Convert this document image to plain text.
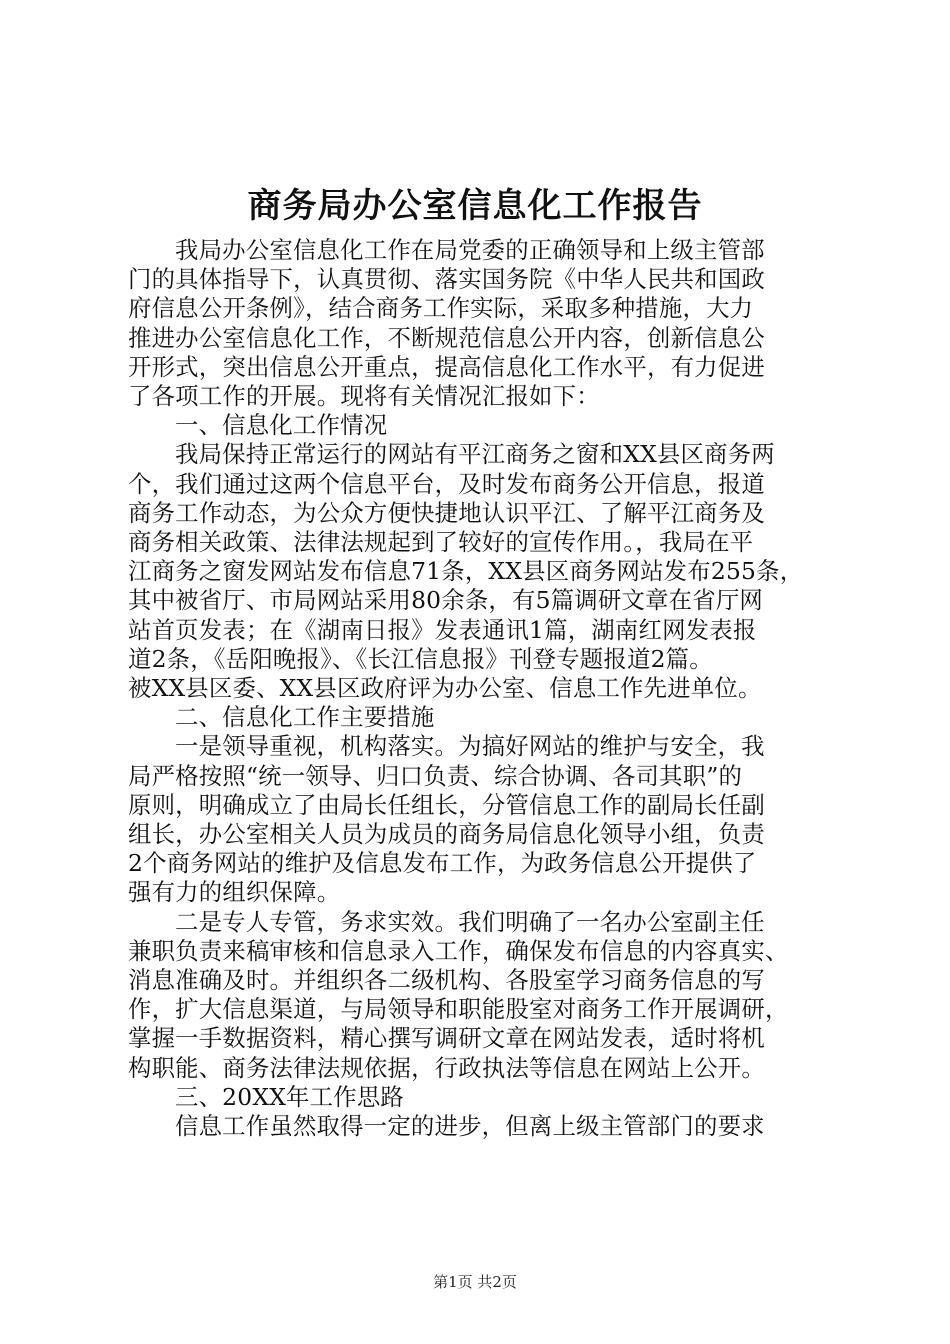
商务局办公室信息化工作报告
我局办公室信息化工作在局党委的正确领导和上级主管部
门的具体指导下，认真贯彻、落实国务院《中华人民共和国政
府信息公开条例》，结合商务工作实际，采取多种措施，大力
推进办公室信息化工作，不断规范信息公开内容，创新信息公
开形式，突出信息公开重点，提高信息化工作水平，有力促进
了各项工作的开展。现将有关情况汇报如下：
一、信息化工作情况
我局保持正常运行的网站有平江商务之窗和XX县区商务两
个，我们通过这两个信息平台，及时发布商务公开信息，报道
商务工作动态，为公众方便快捷地认识平江、了解平江商务及
商务相关政策、法律法规起到了较好的宣传作用。，我局在平
江商务之窗发网站发布信息71条，XX县区商务网站发布255条，
其中被省厅、市局网站采用80余条，有5篇调研文章在省厅网
站首页发表；在《湖南日报》发表通讯1篇，湖南红网发表报
道2条，《岳阳晚报》、《长江信息报》刊登专题报道2篇。
被XX县区委、XX县区政府评为办公室、信息工作先进单位。
二、信息化工作主要措施
一是领导重视，机构落实。为搞好网站的维护与安全，我
局严格按照“统一领导、归口负责、综合协调、各司其职”的
原则，明确成立了由局长任组长，分管信息工作的副局长任副
组长，办公室相关人员为成员的商务局信息化领导小组，负责
2个商务网站的维护及信息发布工作，为政务信息公开提供了
强有力的组织保障。
二是专人专管，务求实效。我们明确了一名办公室副主任
兼职负责来稿审核和信息录入工作，确保发布信息的内容真实、
消息准确及时。并组织各二级机构、各股室学习商务信息的写
作，扩大信息渠道，与局领导和职能股室对商务工作开展调研，
掌握一手数据资料，精心撰写调研文章在网站发表，适时将机
构职能、商务法律法规依据，行政执法等信息在网站上公开。
三、20XX年工作思路
信息工作虽然取得一定的进步，但离上级主管部门的要求
第1页 共2页
